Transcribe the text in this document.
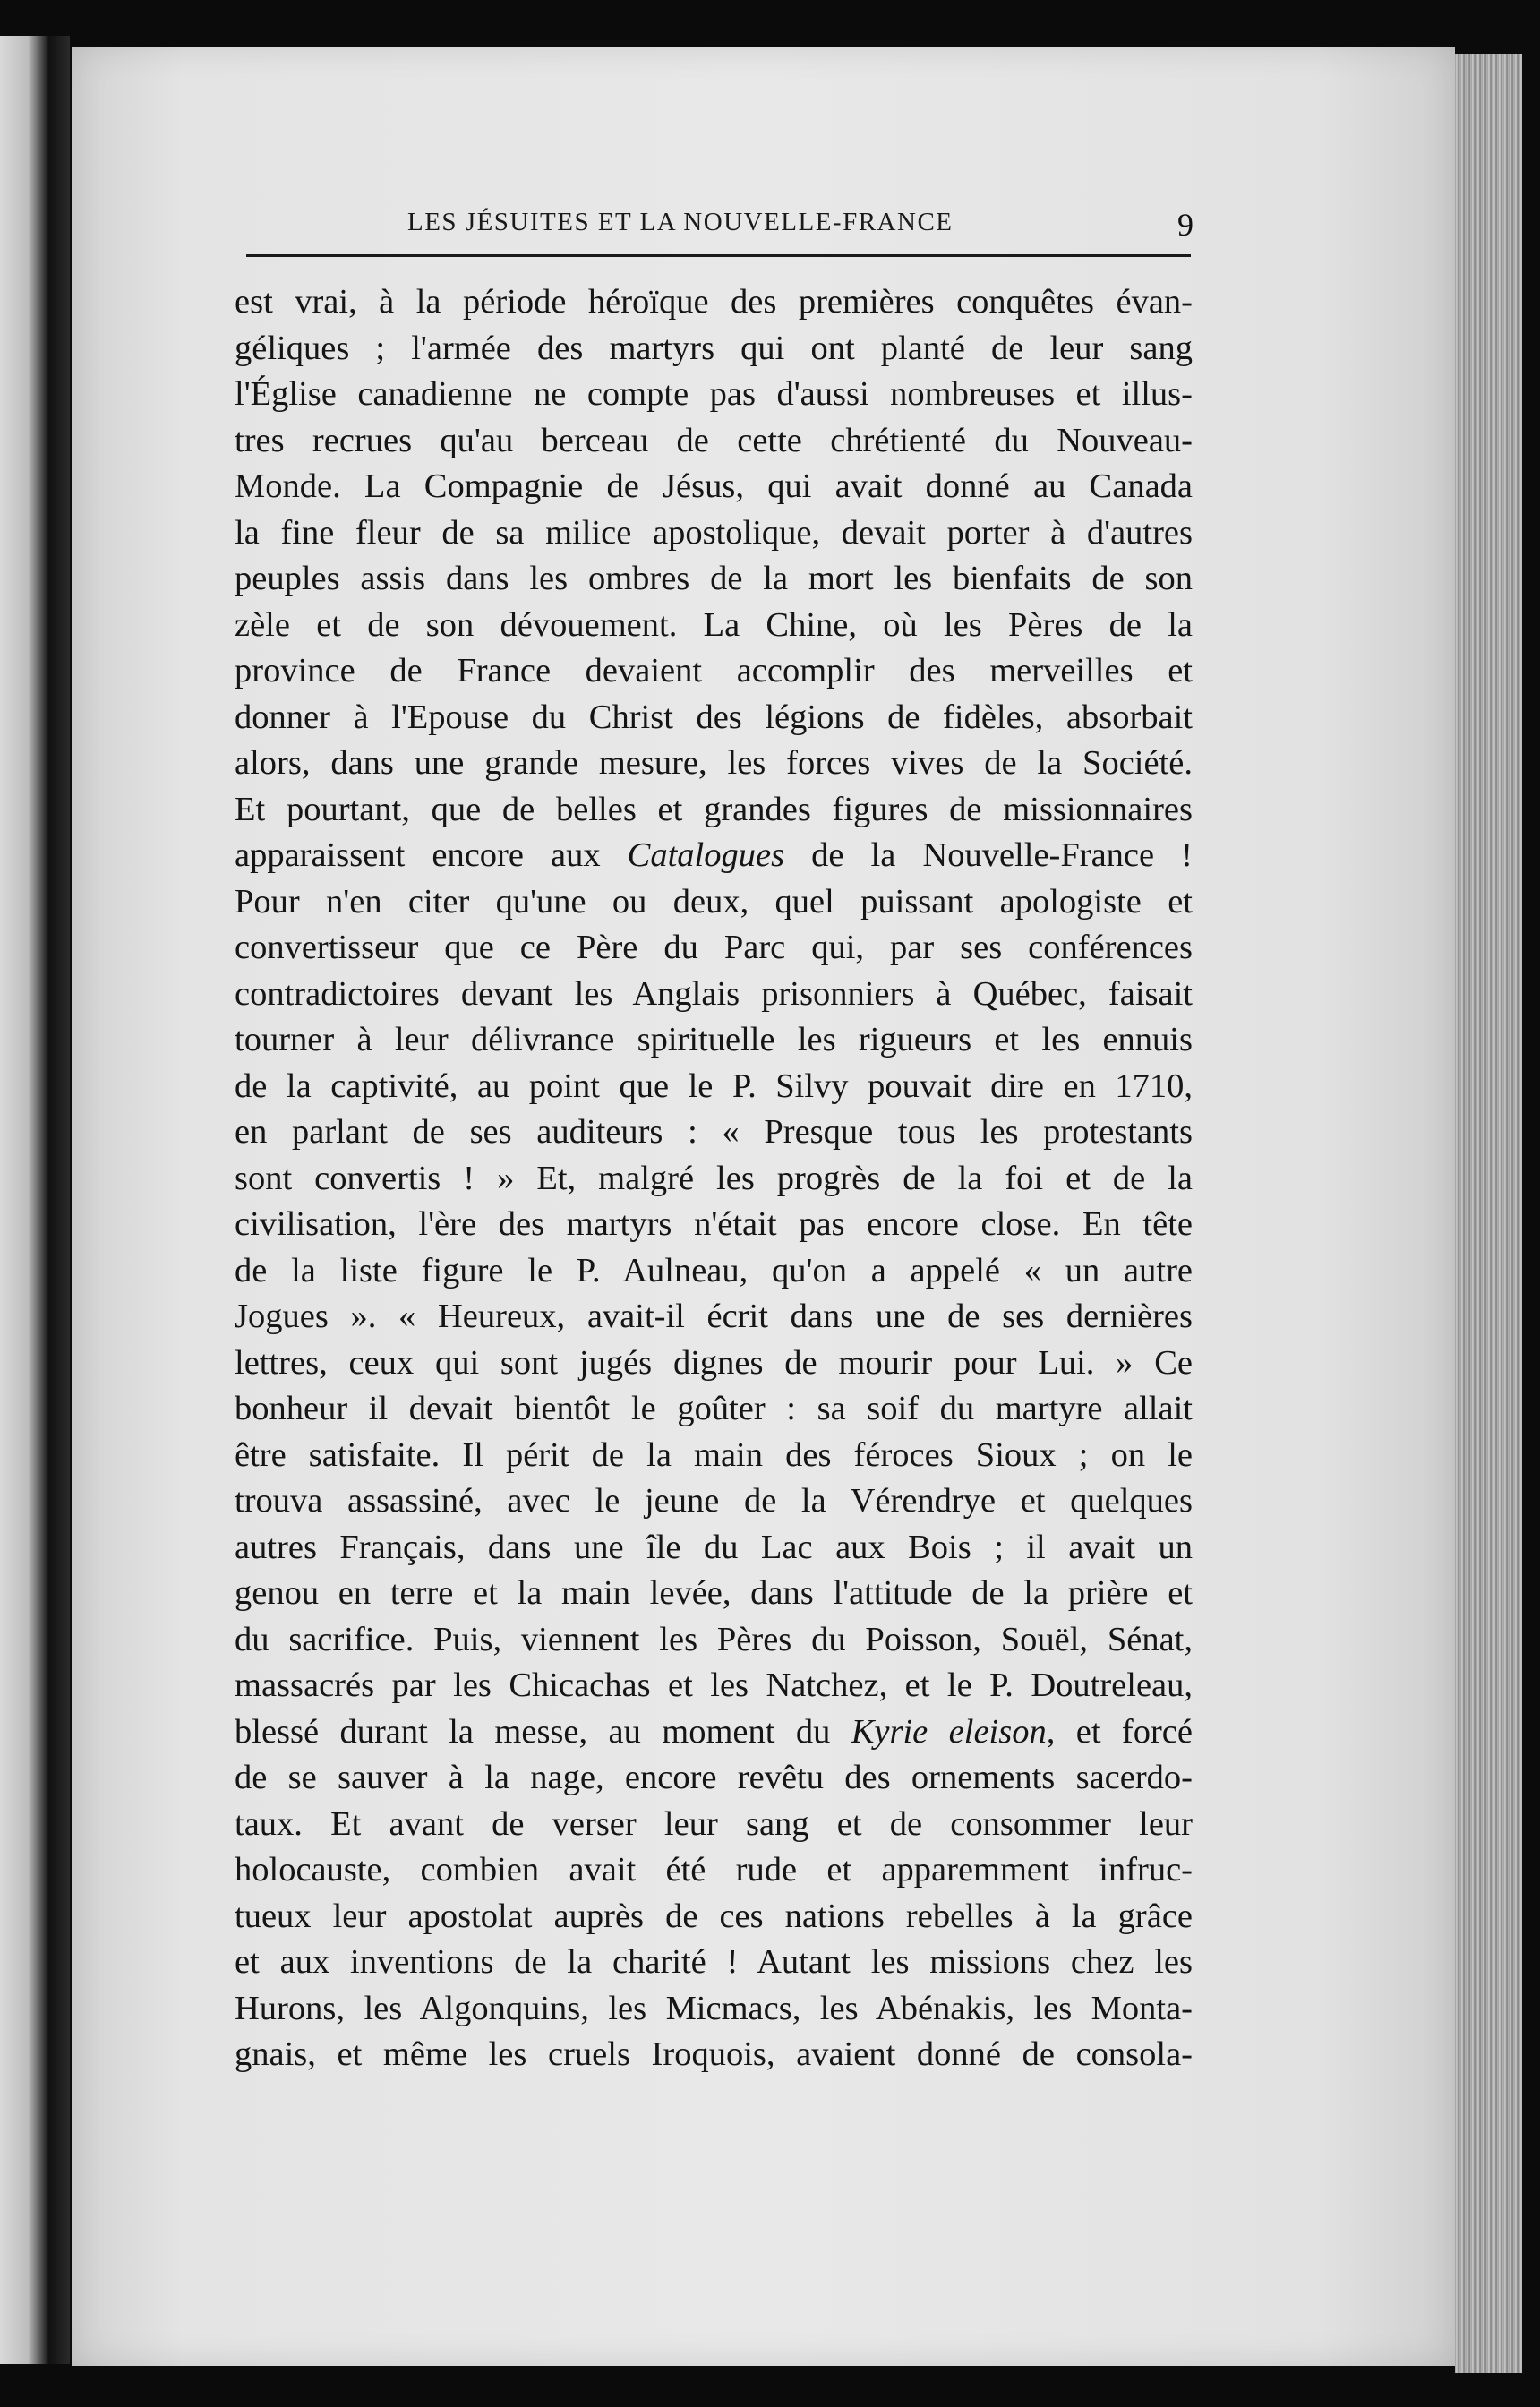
LES JÉSUITES ET LA NOUVELLE-FRANCE	9
est vrai, à la période héroïque des premières conquêtes évan-
géliques ; l'armée des martyrs qui ont planté de leur sang
l'Église canadienne ne compte pas d'aussi nombreuses et illus-
tres recrues qu'au berceau de cette chrétienté du Nouveau-
Monde. La Compagnie de Jésus, qui avait donné au Canada
la fine fleur de sa milice apostolique, devait porter à d'autres
peuples assis dans les ombres de la mort les bienfaits de son
zèle et de son dévouement. La Chine, où les Pères de la
province de France devaient accomplir des merveilles et
donner à l'Epouse du Christ des légions de fidèles, absorbait
alors, dans une grande mesure, les forces vives de la Société.
Et pourtant, que de belles et grandes figures de missionnaires
apparaissent encore aux Catalogues de la Nouvelle-France !
Pour n'en citer qu'une ou deux, quel puissant apologiste et
convertisseur que ce Père du Parc qui, par ses conférences
contradictoires devant les Anglais prisonniers à Québec, faisait
tourner à leur délivrance spirituelle les rigueurs et les ennuis
de la captivité, au point que le P. Silvy pouvait dire en 1710,
en parlant de ses auditeurs : « Presque tous les protestants
sont convertis ! » Et, malgré les progrès de la foi et de la
civilisation, l'ère des martyrs n'était pas encore close. En tête
de la liste figure le P. Aulneau, qu'on a appelé « un autre
Jogues ». « Heureux, avait-il écrit dans une de ses dernières
lettres, ceux qui sont jugés dignes de mourir pour Lui. » Ce
bonheur il devait bientôt le goûter : sa soif du martyre allait
être satisfaite. Il périt de la main des féroces Sioux ; on le
trouva assassiné, avec le jeune de la Vérendrye et quelques
autres Français, dans une île du Lac aux Bois ; il avait un
genou en terre et la main levée, dans l'attitude de la prière et
du sacrifice. Puis, viennent les Pères du Poisson, Souël, Sénat,
massacrés par les Chicachas et les Natchez, et le P. Doutreleau,
blessé durant la messe, au moment du Kyrie eleison, et forcé
de se sauver à la nage, encore revêtu des ornements sacerdo-
taux. Et avant de verser leur sang et de consommer leur
holocauste, combien avait été rude et apparemment infruc-
tueux leur apostolat auprès de ces nations rebelles à la grâce
et aux inventions de la charité ! Autant les missions chez les
Hurons, les Algonquins, les Micmacs, les Abénakis, les Monta-
gnais, et même les cruels Iroquois, avaient donné de consola-
